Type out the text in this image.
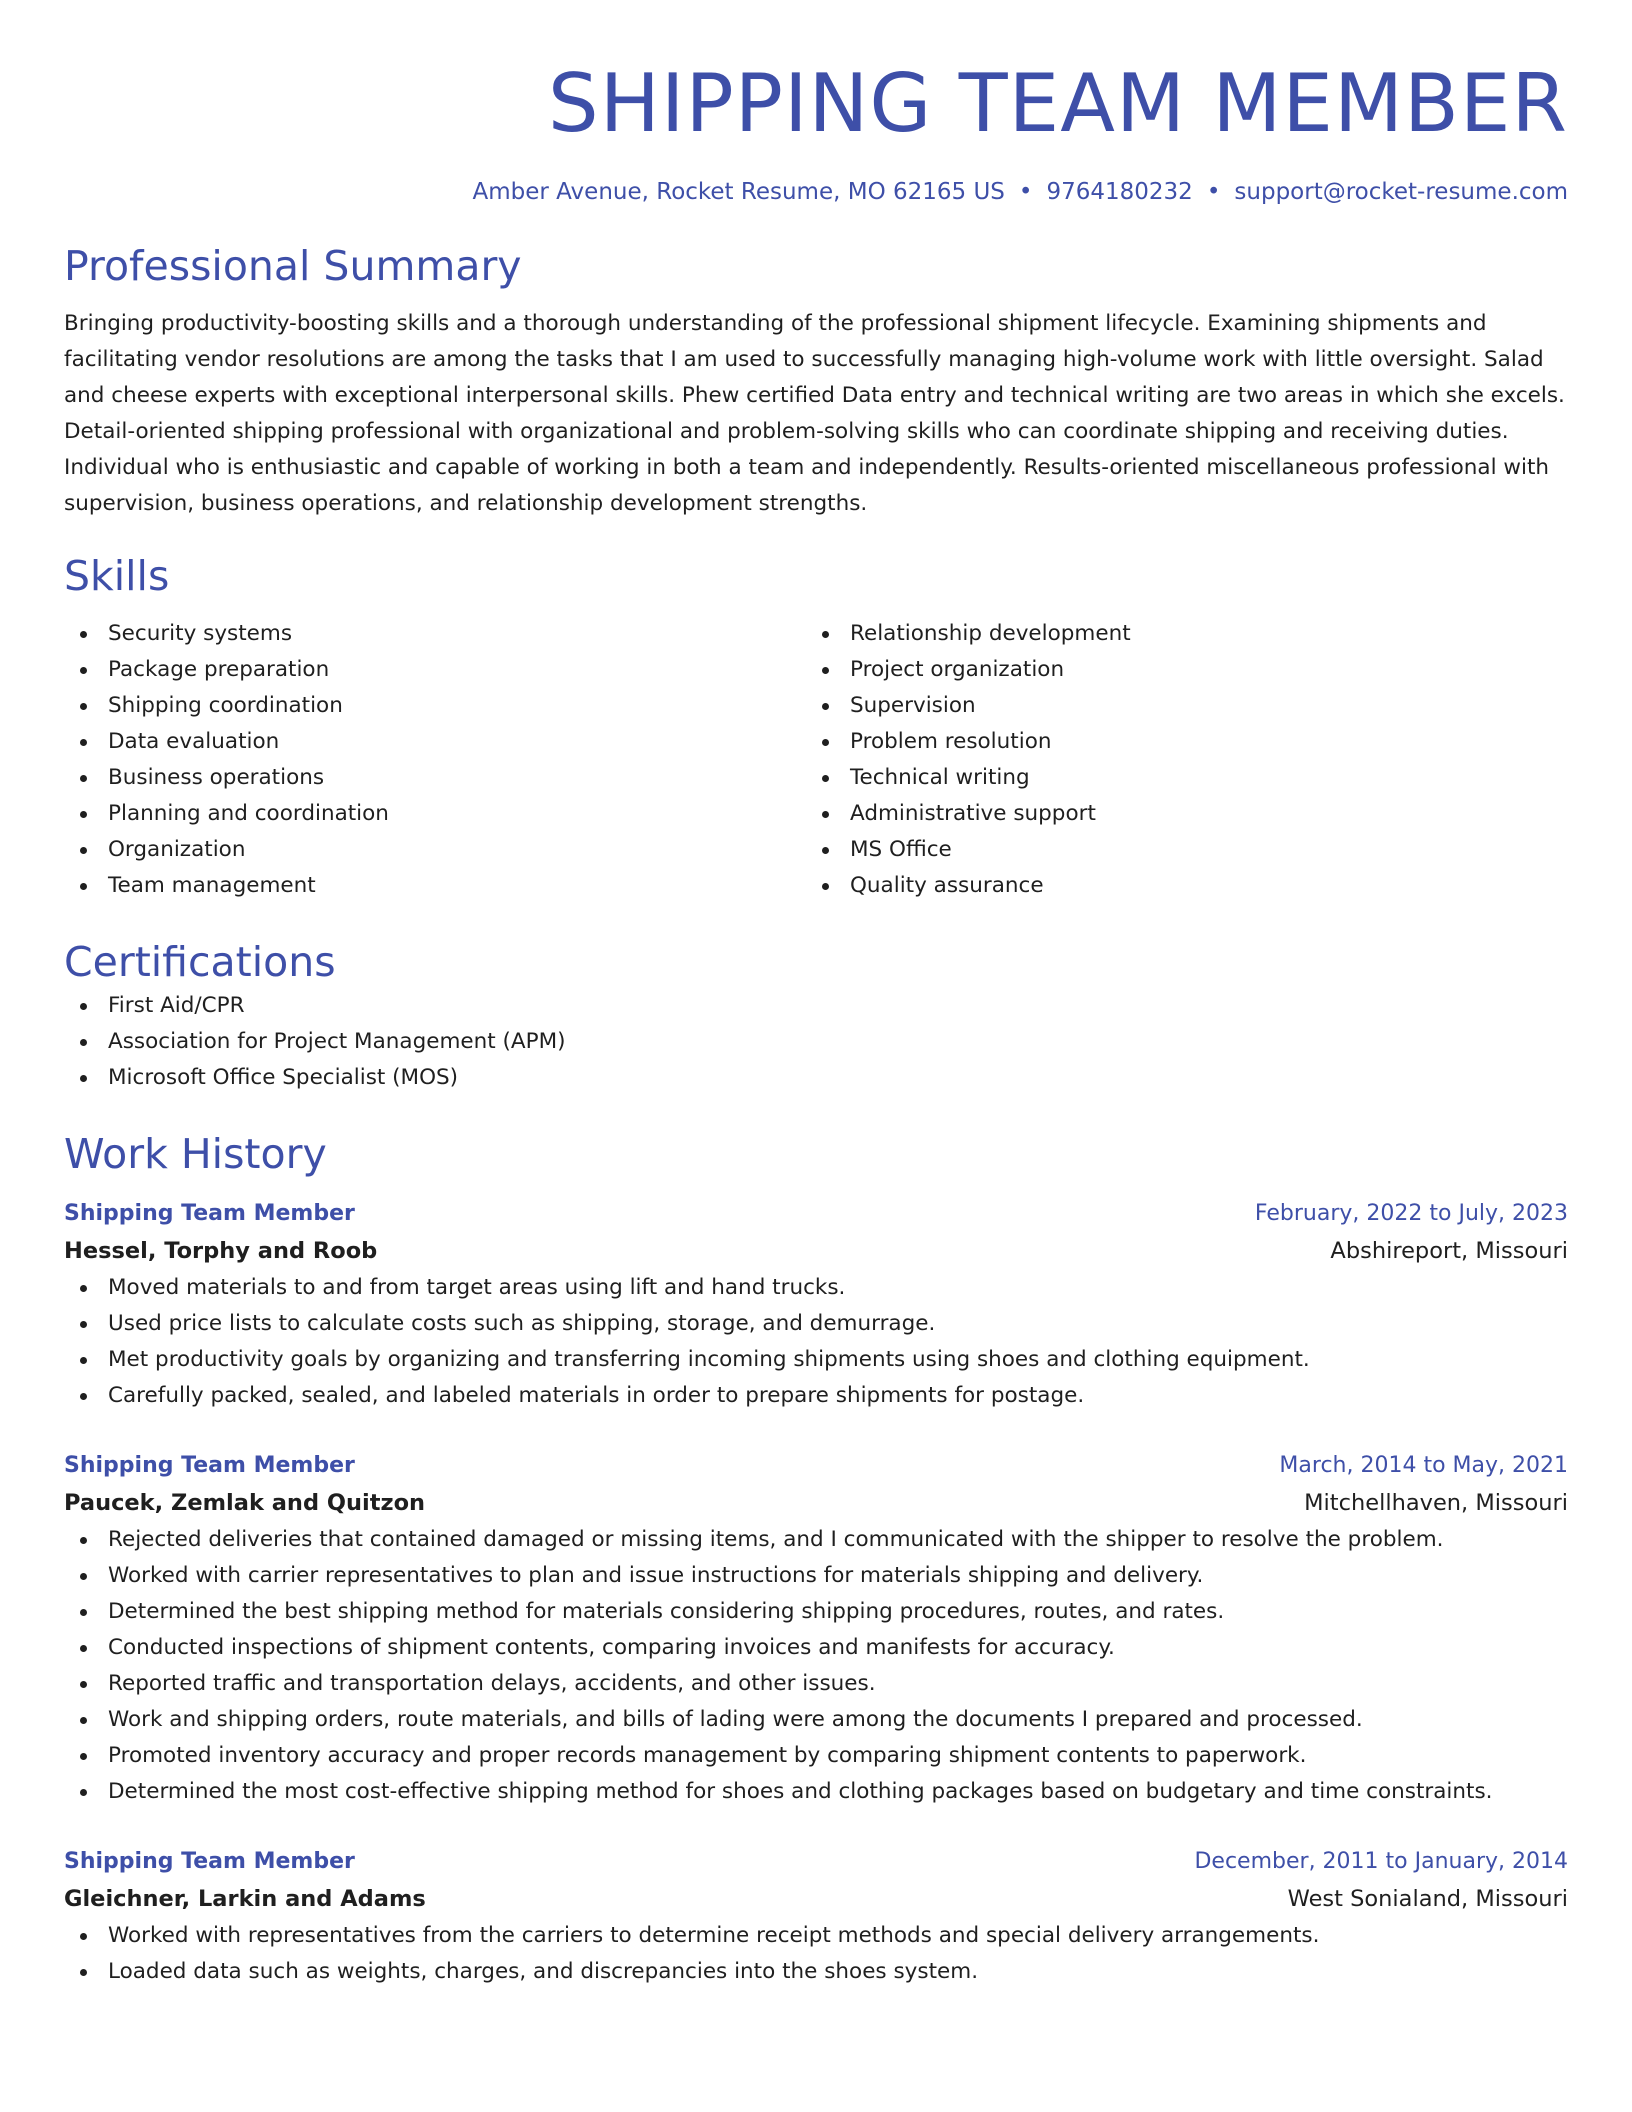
SHIPPING TEAM MEMBER
Amber Avenue, Rocket Resume, MO 62165 US • 9764180232 • support@rocket-resume.com
Professional Summary
Bringing productivity-boosting skills and a thorough understanding of the professional shipment lifecycle. Examining shipments and facilitating vendor resolutions are among the tasks that I am used to successfully managing high-volume work with little oversight. Salad and cheese experts with exceptional interpersonal skills. Phew certified Data entry and technical writing are two areas in which she excels. Detail-oriented shipping professional with organizational and problem-solving skills who can coordinate shipping and receiving duties. Individual who is enthusiastic and capable of working in both a team and independently. Results-oriented miscellaneous professional with supervision, business operations, and relationship development strengths.
Skills
Security systems
Package preparation
Shipping coordination
Data evaluation
Business operations
Planning and coordination
Organization
Team management
Relationship development
Project organization
Supervision
Problem resolution
Technical writing
Administrative support
MS Office
Quality assurance
Certifications
First Aid/CPR
Association for Project Management (APM)
Microsoft Office Specialist (MOS)
Work History
Shipping Team Member	February, 2022 to July, 2023
Hessel, Torphy and Roob	Abshireport, Missouri
Moved materials to and from target areas using lift and hand trucks.
Used price lists to calculate costs such as shipping, storage, and demurrage.
Met productivity goals by organizing and transferring incoming shipments using shoes and clothing equipment.
Carefully packed, sealed, and labeled materials in order to prepare shipments for postage.
Shipping Team Member	March, 2014 to May, 2021
Paucek, Zemlak and Quitzon	Mitchellhaven, Missouri
Rejected deliveries that contained damaged or missing items, and I communicated with the shipper to resolve the problem.
Worked with carrier representatives to plan and issue instructions for materials shipping and delivery.
Determined the best shipping method for materials considering shipping procedures, routes, and rates.
Conducted inspections of shipment contents, comparing invoices and manifests for accuracy.
Reported traffic and transportation delays, accidents, and other issues.
Work and shipping orders, route materials, and bills of lading were among the documents I prepared and processed.
Promoted inventory accuracy and proper records management by comparing shipment contents to paperwork.
Determined the most cost-effective shipping method for shoes and clothing packages based on budgetary and time constraints.
Shipping Team Member	December, 2011 to January, 2014
Gleichner, Larkin and Adams	West Sonialand, Missouri
Worked with representatives from the carriers to determine receipt methods and special delivery arrangements.
Loaded data such as weights, charges, and discrepancies into the shoes system.
